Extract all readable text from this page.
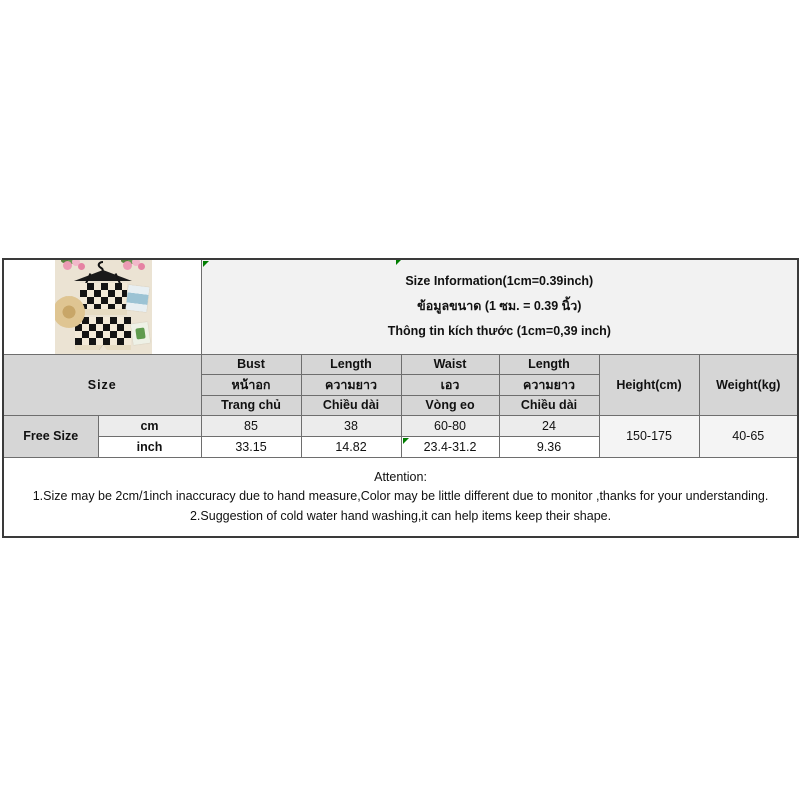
Size Information(1cm=0.39inch)
ข้อมูลขนาด (1 ซม. = 0.39 นิ้ว)
Thông tin kích thước (1cm=0,39 inch)					

Size		Bust	Length	Waist	Length	Height(cm)	Weight(kg)
		หน้าอก	ความยาว	เอว	ความยาว		
		Trang chủ	Chiều dài	Vòng eo	Chiều dài		
Free Size	cm	85	38	60-80	24	150-175	40-65
	inch	33.15	14.82	23.4-31.2	9.36		

Attention:
1.Size may be 2cm/1inch inaccuracy due to hand measure,Color may be little different due to monitor ,thanks for your understanding.
2.Suggestion of cold water hand washing,it can help items keep their shape.							
